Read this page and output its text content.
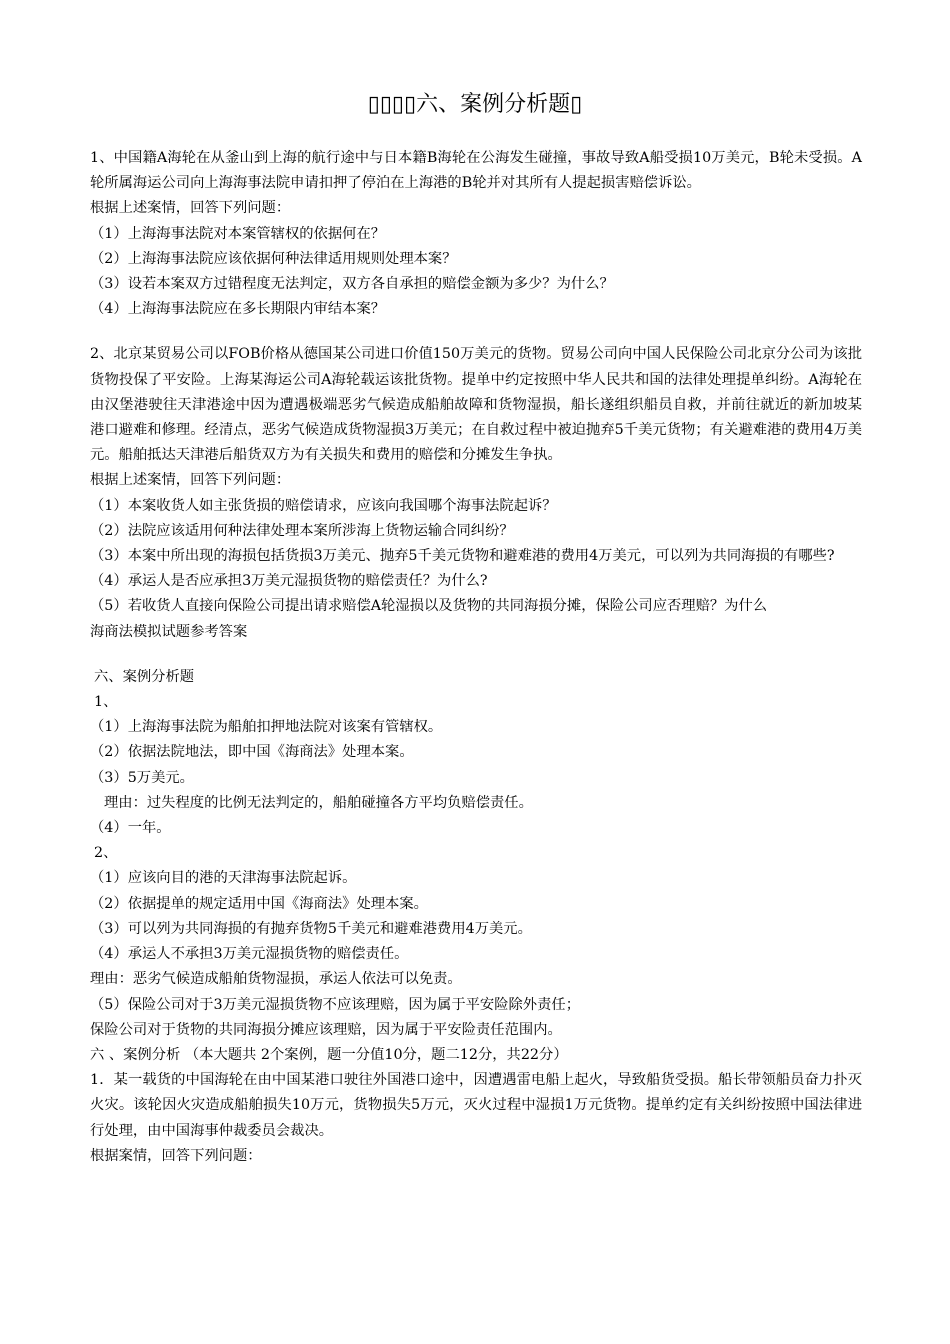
▯▯▯▯六、案例分析题▯

1、中国籍A海轮在从釜山到上海的航行途中与日本籍B海轮在公海发生碰撞，事故导致A船受损10万美元，B轮未受损。A轮所属海运公司向上海海事法院申请扣押了停泊在上海港的B轮并对其所有人提起损害赔偿诉讼。

根据上述案情，回答下列问题：

（1）上海海事法院对本案管辖权的依据何在？

（2）上海海事法院应该依据何种法律适用规则处理本案？

（3）设若本案双方过错程度无法判定，双方各自承担的赔偿金额为多少？为什么？

（4）上海海事法院应在多长期限内审结本案？

2、北京某贸易公司以FOB价格从德国某公司进口价值150万美元的货物。贸易公司向中国人民保险公司北京分公司为该批货物投保了平安险。上海某海运公司A海轮载运该批货物。提单中约定按照中华人民共和国的法律处理提单纠纷。A海轮在由汉堡港驶往天津港途中因为遭遇极端恶劣气候造成船舶故障和货物湿损，船长遂组织船员自救，并前往就近的新加坡某港口避难和修理。经清点，恶劣气候造成货物湿损3万美元；在自救过程中被迫抛弃5千美元货物；有关避难港的费用4万美元。船舶抵达天津港后船货双方为有关损失和费用的赔偿和分摊发生争执。

根据上述案情，回答下列问题：

（1）本案收货人如主张货损的赔偿请求，应该向我国哪个海事法院起诉？

（2）法院应该适用何种法律处理本案所涉海上货物运输合同纠纷？

（3）本案中所出现的海损包括货损3万美元、抛弃5千美元货物和避难港的费用4万美元，可以列为共同海损的有哪些?

（4）承运人是否应承担3万美元湿损货物的赔偿责任？为什么?

（5）若收货人直接向保险公司提出请求赔偿A轮湿损以及货物的共同海损分摊，保险公司应否理赔？为什么

海商法模拟试题参考答案

六、案例分析题

1、

（1）上海海事法院为船舶扣押地法院对该案有管辖权。

（2）依据法院地法，即中国《海商法》处理本案。

（3）5万美元。

理由：过失程度的比例无法判定的，船舶碰撞各方平均负赔偿责任。

（4）一年。

2、

（1）应该向目的港的天津海事法院起诉。

（2）依据提单的规定适用中国《海商法》处理本案。

（3）可以列为共同海损的有抛弃货物5千美元和避难港费用4万美元。

（4）承运人不承担3万美元湿损货物的赔偿责任。

理由：恶劣气候造成船舶货物湿损，承运人依法可以免责。

（5）保险公司对于3万美元湿损货物不应该理赔，因为属于平安险除外责任；

保险公司对于货物的共同海损分摊应该理赔，因为属于平安险责任范围内。

六 、案例分析 （本大题共 2个案例，题一分值10分，题二12分，共22分）

1．某一载货的中国海轮在由中国某港口驶往外国港口途中，因遭遇雷电船上起火，导致船货受损。船长带领船员奋力扑灭火灾。该轮因火灾造成船舶损失10万元，货物损失5万元，灭火过程中湿损1万元货物。提单约定有关纠纷按照中国法律进行处理，由中国海事仲裁委员会裁决。

根据案情，回答下列问题：
